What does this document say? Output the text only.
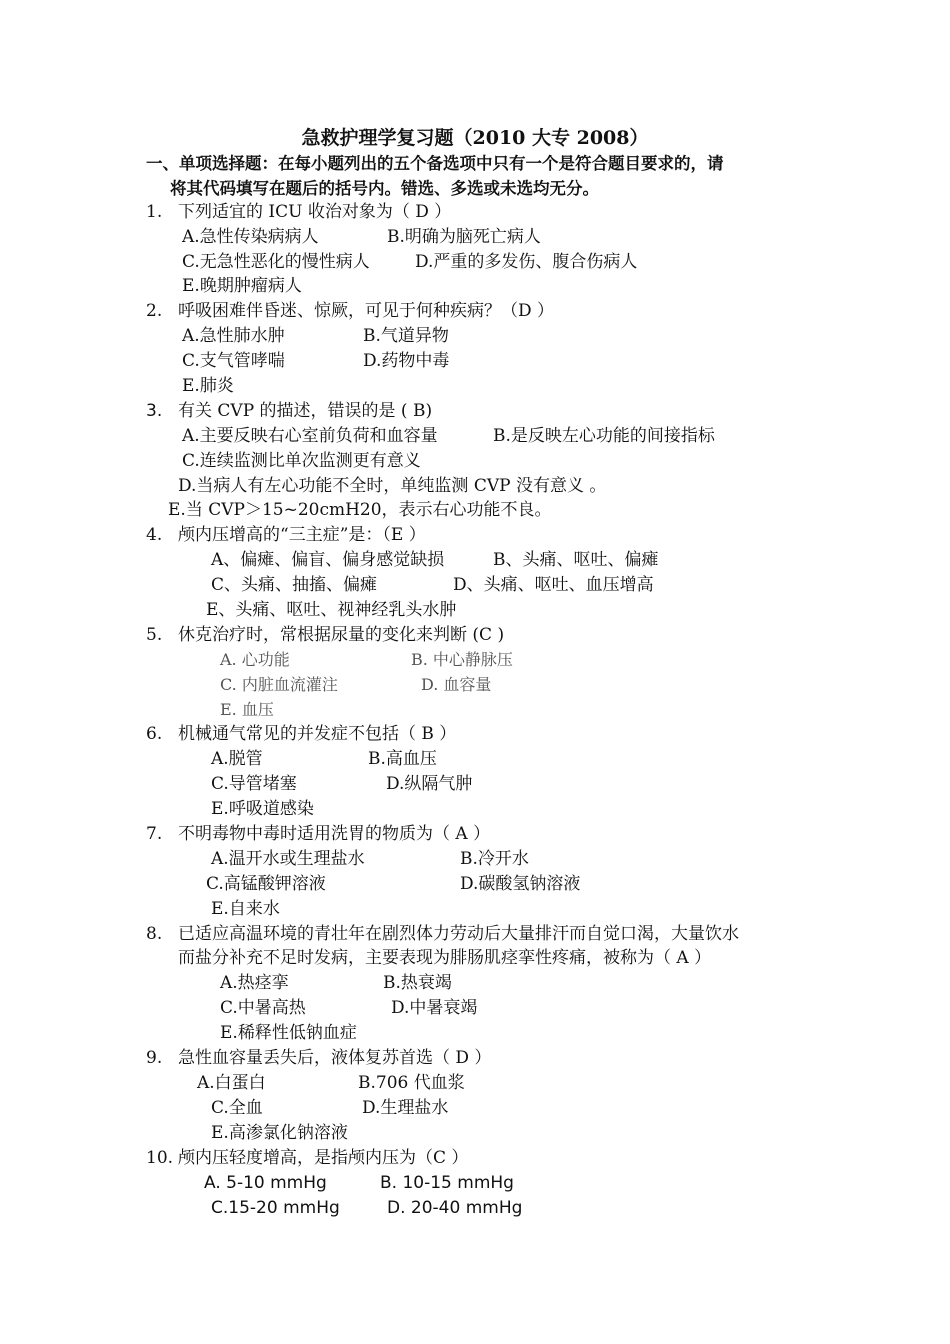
急救护理学复习题（2010 大专 2008）
一、单项选择题：在每小题列出的五个备选项中只有一个是符合题目要求的，请
将其代码填写在题后的括号内。错选、多选或未选均无分。
1. 下列适宜的 ICU 收治对象为（ D ）
A.急性传染病病人	B.明确为脑死亡病人
C.无急性恶化的慢性病人	D.严重的多发伤、腹合伤病人
E.晚期肿瘤病人
2. 呼吸困难伴昏迷、惊厥，可见于何种疾病？（D ）
A.急性肺水肿	B.气道异物
C.支气管哮喘	D.药物中毒
E.肺炎
3. 有关 CVP 的描述，错误的是 ( B)
A.主要反映右心室前负荷和血容量	B.是反映左心功能的间接指标
C.连续监测比单次监测更有意义
D.当病人有左心功能不全时，单纯监测 CVP 没有意义 。
E.当 CVP＞15~20cmH20，表示右心功能不良。
4. 颅内压增高的“三主症”是：（E ）
A、偏瘫、偏盲、偏身感觉缺损	B、头痛、呕吐、偏瘫
C、头痛、抽搐、偏瘫	D、头痛、呕吐、血压增高
E、头痛、呕吐、视神经乳头水肿
5. 休克治疗时，常根据尿量的变化来判断 (C )
A. 心功能	B. 中心静脉压
C. 内脏血流灌注	D. 血容量
E. 血压
6. 机械通气常见的并发症不包括（ B ）
A.脱管	B.高血压
C.导管堵塞	D.纵隔气肿
E.呼吸道感染
7. 不明毒物中毒时适用洗胃的物质为（ A ）
A.温开水或生理盐水	B.冷开水
C.高锰酸钾溶液	D.碳酸氢钠溶液
E.自来水
8. 已适应高温环境的青壮年在剧烈体力劳动后大量排汗而自觉口渴，大量饮水
而盐分补充不足时发病，主要表现为腓肠肌痉挛性疼痛，被称为（ A ）
A.热痉挛	B.热衰竭
C.中暑高热	D.中暑衰竭
E.稀释性低钠血症
9. 急性血容量丢失后，液体复苏首选（ D ）
A.白蛋白	B.706 代血浆
C.全血	D.生理盐水
E.高渗氯化钠溶液
10. 颅内压轻度增高，是指颅内压为（C ）
A. 5-10 mmHg	B. 10-15 mmHg
C.15-20 mmHg	D. 20-40 mmHg
